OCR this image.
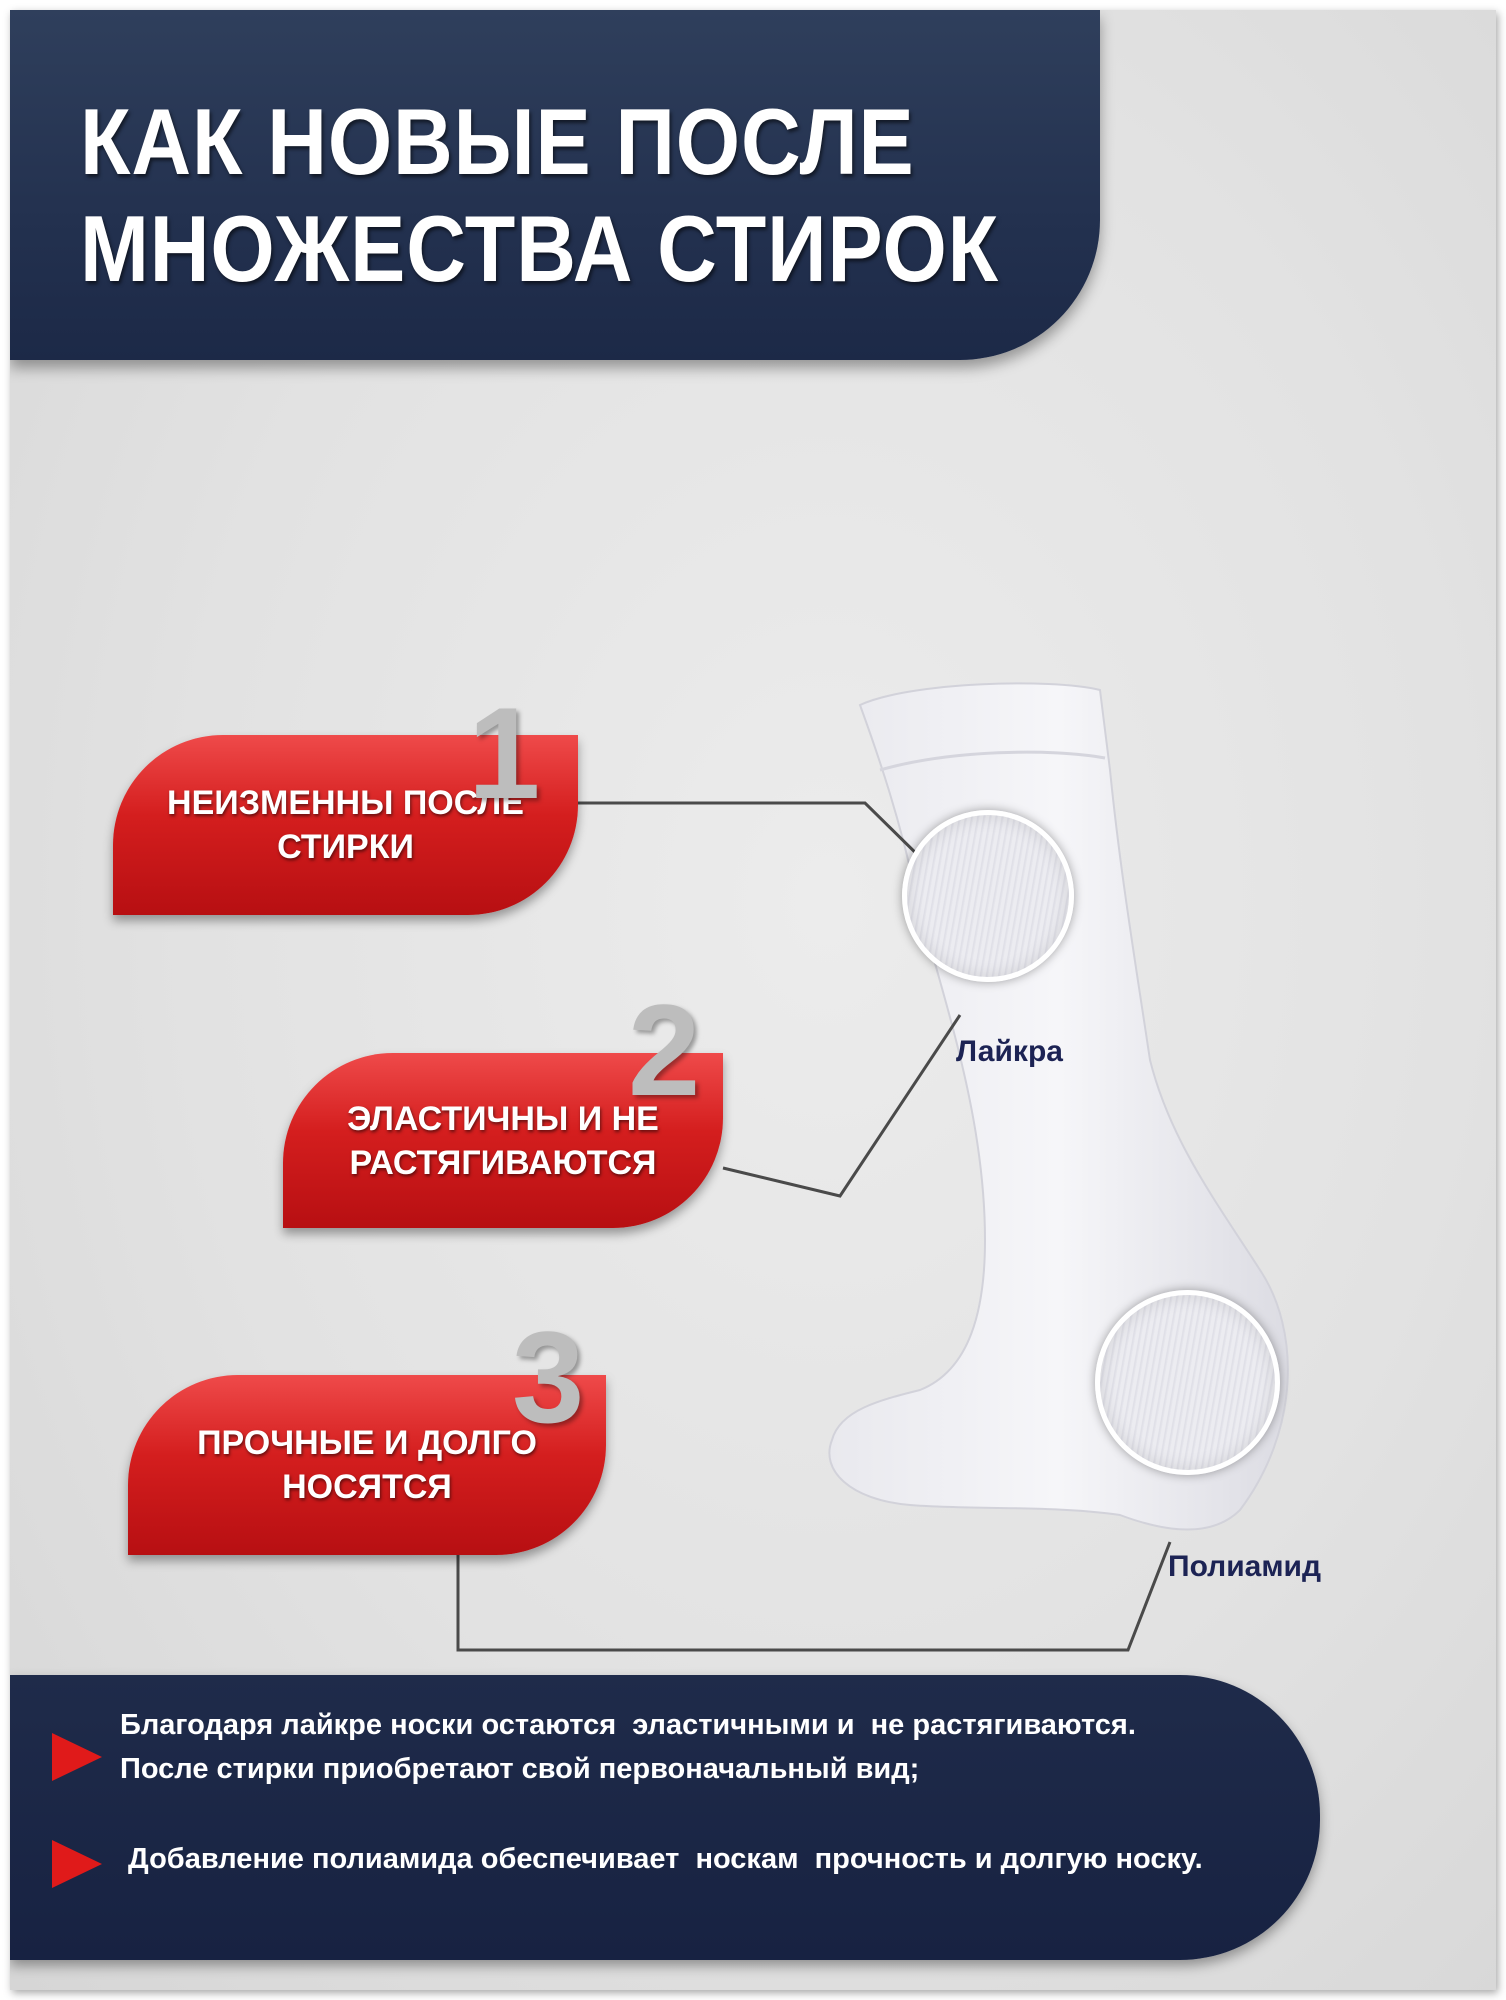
КАК НОВЫЕ ПОСЛЕ
МНОЖЕСТВА СТИРОК
Лайкра
Полиамид
НЕИЗМЕННЫ ПОСЛЕ
СТИРКИ
1
ЭЛАСТИЧНЫ И НЕ
РАСТЯГИВАЮТСЯ
2
ПРОЧНЫЕ И ДОЛГО
НОСЯТСЯ
3
Благодаря лайкре носки остаются  эластичными и  не растягиваются.
После стирки приобретают свой первоначальный вид;
Добавление полиамида обеспечивает  носкам  прочность и долгую носку.
